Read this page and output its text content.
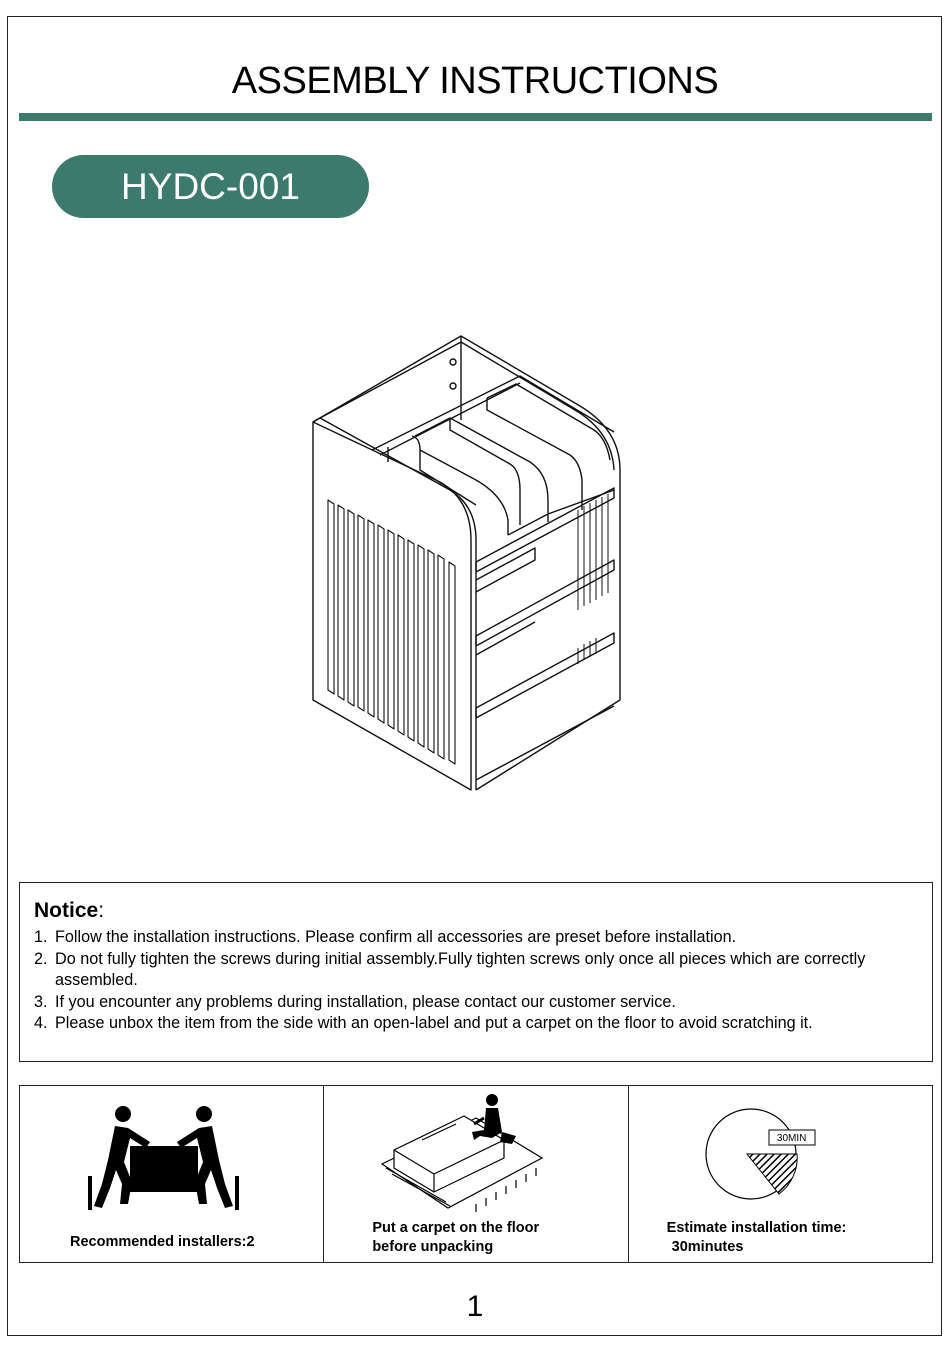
ASSEMBLY INSTRUCTIONS
HYDC-001
Notice:
1. Follow the installation instructions. Please confirm all accessories are preset before installation.
2. Do not fully tighten the screws during initial assembly.Fully tighten screws only once all pieces which are correctly assembled.
3. If you encounter any problems during installation, please contact our customer service.
4. Please unbox the item from the side with an open-label and put a carpet on the floor to avoid scratching it.
Recommended installers:2
Put a carpet on the floor
before unpacking
30MIN
Estimate installation time:
30minutes
1
